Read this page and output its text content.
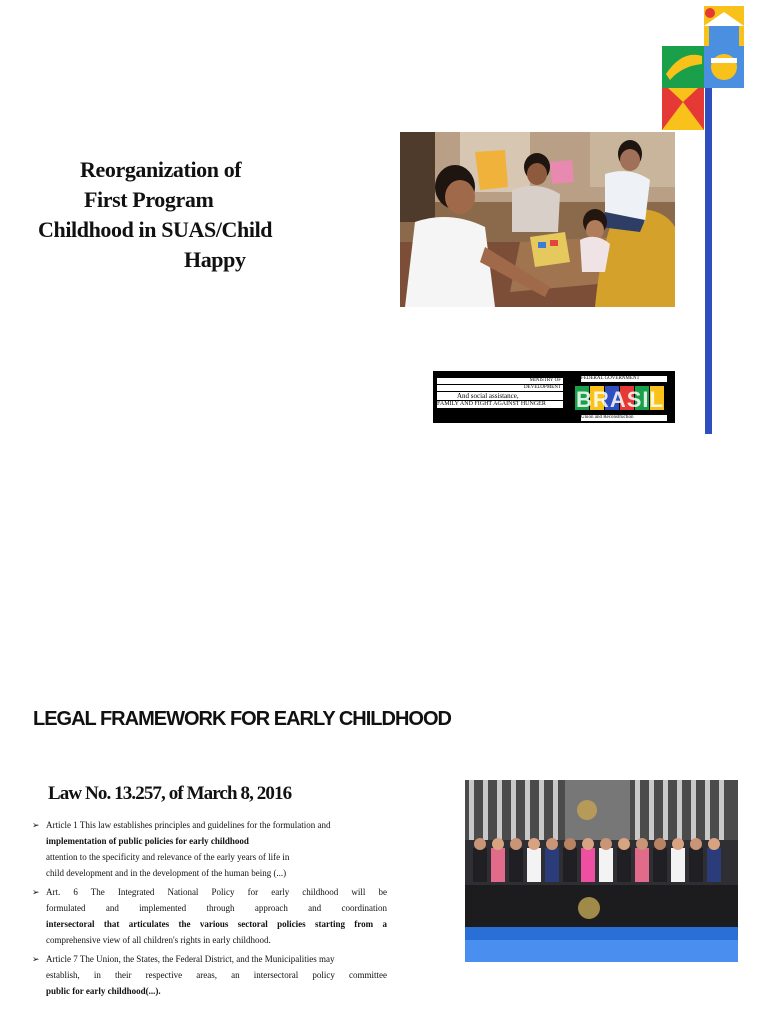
Reorganization of
First Program
Childhood in SUAS/Child
Happy
MINISTRY OF
DEVELOPMENT
And social assistance,
FAMILY AND FIGHT AGAINST HUNGER
FEDERAL GOVERNMENT
BRASIL
Union and Reconstruction
LEGAL FRAMEWORK FOR EARLY CHILDHOOD
Law No. 13.257, of March 8, 2016
➢ Article 1 This law establishes principles and guidelines for the formulation and
implementation of public policies for early childhood
attention to the specificity and relevance of the early years of life in
child development and in the development of the human being (...)
➢ Art. 6 The Integrated National Policy for early childhood will be
formulated and implemented through approach and coordination
intersectoral that articulates the various sectoral policies starting from a
comprehensive view of all children's rights in early childhood.
➢ Article 7 The Union, the States, the Federal District, and the Municipalities may
establish, in their respective areas, an intersectoral policy committee
public for early childhood(...).
